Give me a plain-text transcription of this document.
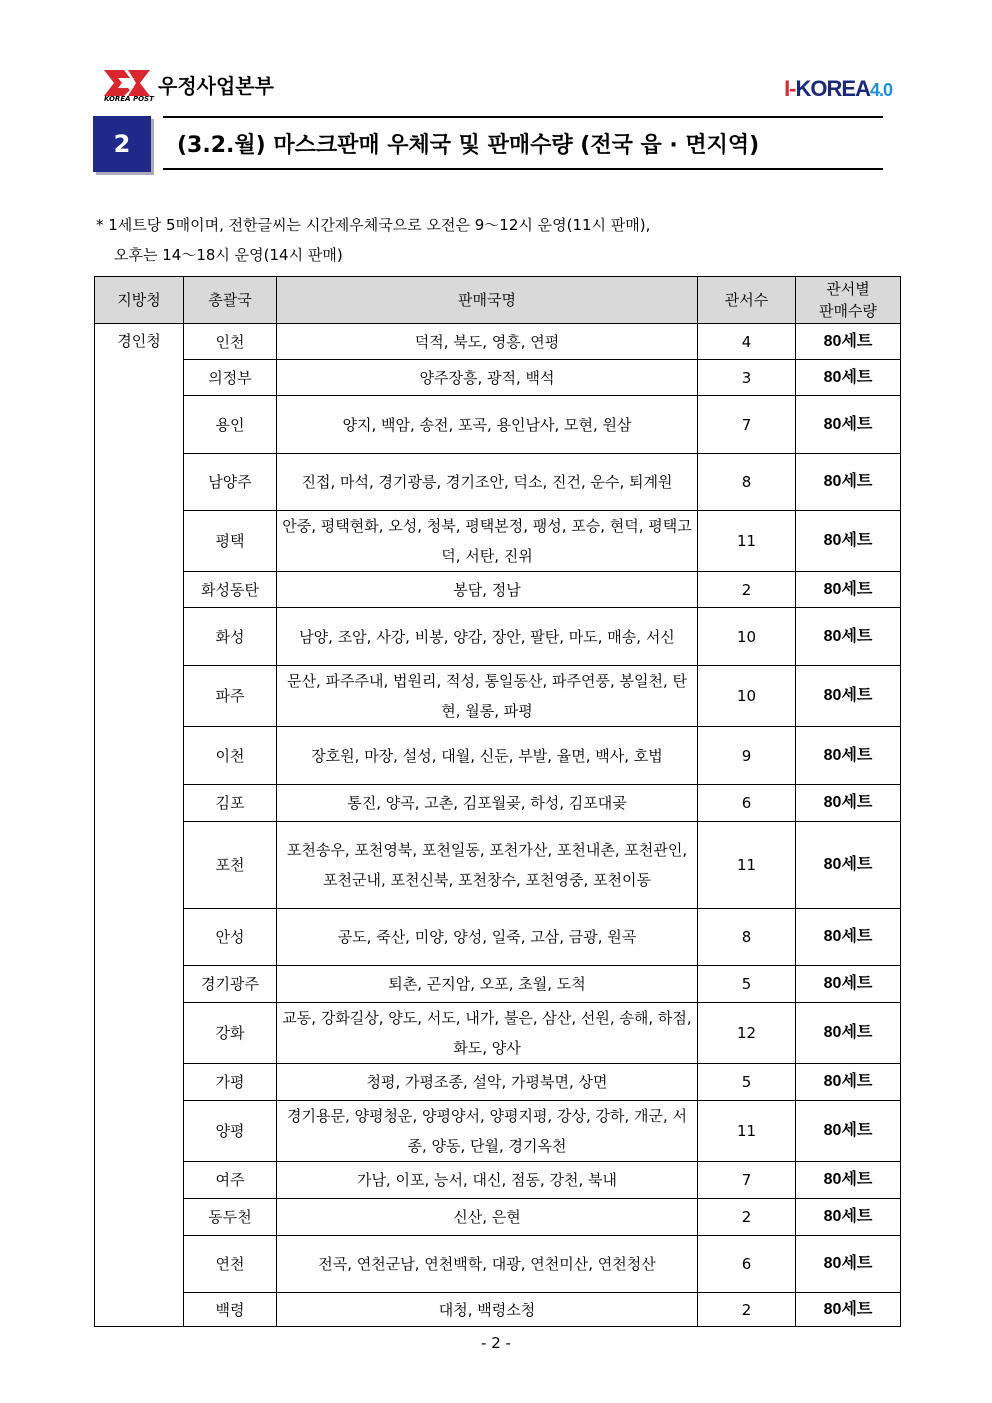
KOREA POST
우정사업본부	I-KOREA4.0
2	(3.2.월) 마스크판매 우체국 및 판매수량 (전국 읍 · 면지역)
* 1세트당 5매이며, 전한글씨는 시간제우체국으로 오전은 9～12시 운영(11시 판매),
오후는 14～18시 운영(14시 판매)
지방청	총괄국	판매국명	관서수	관서별
판매수량
경인청	인천	덕적, 북도, 영흥, 연평	4	80세트
	의정부	양주장흥, 광적, 백석	3	80세트
	용인	양지, 백암, 송전, 포곡, 용인남사, 모현, 원삼	7	80세트
	남양주	진접, 마석, 경기광릉, 경기조안, 덕소, 진건, 운수, 퇴계원	8	80세트
	평택	안중, 평택현화, 오성, 청북, 평택본정, 팽성, 포승, 현덕, 평택고덕, 서탄, 진위	11	80세트
	화성동탄	봉담, 정남	2	80세트
	화성	남양, 조암, 사강, 비봉, 양감, 장안, 팔탄, 마도, 매송, 서신	10	80세트
	파주	문산, 파주주내, 법원리, 적성, 통일동산, 파주연풍, 봉일천, 탄현, 월롱, 파평	10	80세트
	이천	장호원, 마장, 설성, 대월, 신둔, 부발, 율면, 백사, 호법	9	80세트
	김포	통진, 양곡, 고촌, 김포월곶, 하성, 김포대곶	6	80세트
	포천	포천송우, 포천영북, 포천일동, 포천가산, 포천내촌, 포천관인, 포천군내, 포천신북, 포천창수, 포천영중, 포천이동	11	80세트
	안성	공도, 죽산, 미양, 양성, 일죽, 고삼, 금광, 원곡	8	80세트
	경기광주	퇴촌, 곤지암, 오포, 초월, 도척	5	80세트
	강화	교동, 강화길상, 양도, 서도, 내가, 불은, 삼산, 선원, 송해, 하점, 화도, 양사	12	80세트
	가평	청평, 가평조종, 설악, 가평북면, 상면	5	80세트
	양평	경기용문, 양평청운, 양평양서, 양평지평, 강상, 강하, 개군, 서종, 양동, 단월, 경기옥천	11	80세트
	여주	가남, 이포, 능서, 대신, 점동, 강천, 북내	7	80세트
	동두천	신산, 은현	2	80세트
	연천	전곡, 연천군남, 연천백학, 대광, 연천미산, 연천청산	6	80세트
	백령	대청, 백령소청	2	80세트
- 2 -
